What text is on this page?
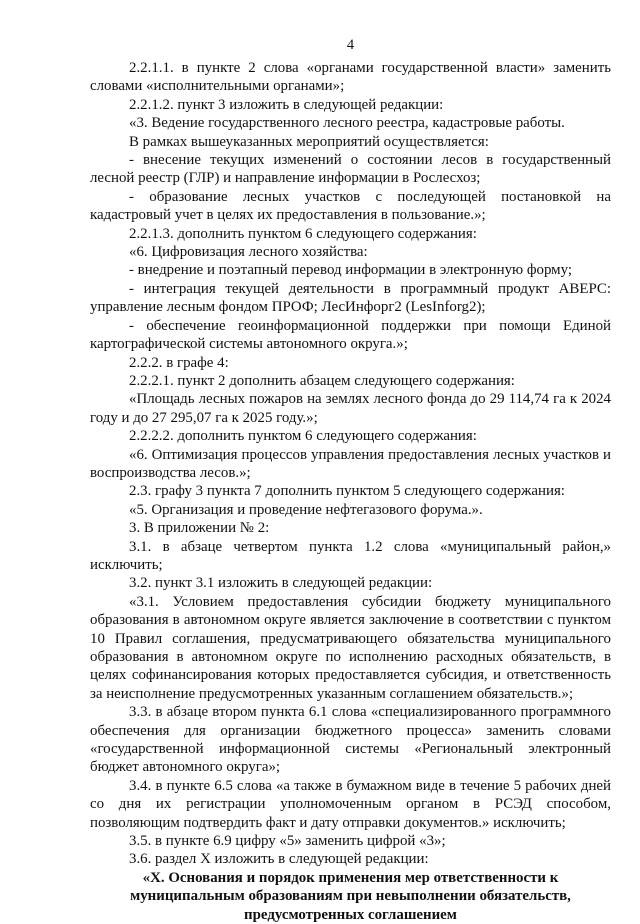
4

2.2.1.1. в пункте 2 слова «органами государственной власти» заменить словами «исполнительными органами»;

2.2.1.2. пункт 3 изложить в следующей редакции:

«3. Ведение государственного лесного реестра, кадастровые работы.

В рамках вышеуказанных мероприятий осуществляется:

- внесение текущих изменений о состоянии лесов в государственный лесной реестр (ГЛР) и направление информации в Рослесхоз;

- образование лесных участков с последующей постановкой на кадастровый учет в целях их предоставления в пользование.»;

2.2.1.3. дополнить пунктом 6 следующего содержания:

«6. Цифровизация лесного хозяйства:

- внедрение и поэтапный перевод информации в электронную форму;

- интеграция текущей деятельности в программный продукт АВЕРС: управление лесным фондом ПРОФ; ЛесИнфорг2 (LesInforg2);

- обеспечение геоинформационной поддержки при помощи Единой картографической системы автономного округа.»;

2.2.2. в графе 4:

2.2.2.1. пункт 2 дополнить абзацем следующего содержания:

«Площадь лесных пожаров на землях лесного фонда до 29 114,74 га к 2024 году и до 27 295,07 га к 2025 году.»;

2.2.2.2. дополнить пунктом 6 следующего содержания:

«6. Оптимизация процессов управления предоставления лесных участков и воспроизводства лесов.»;

2.3. графу 3 пункта 7 дополнить пунктом 5 следующего содержания:

«5. Организация и проведение нефтегазового форума.».

3. В приложении № 2:

3.1. в абзаце четвертом пункта 1.2 слова «муниципальный район,» исключить;

3.2. пункт 3.1 изложить в следующей редакции:

«3.1. Условием предоставления субсидии бюджету муниципального образования в автономном округе является заключение в соответствии с пунктом 10 Правил соглашения, предусматривающего обязательства муниципального образования в автономном округе по исполнению расходных обязательств, в целях софинансирования которых предоставляется субсидия, и ответственность за неисполнение предусмотренных указанным соглашением обязательств.»;

3.3. в абзаце втором пункта 6.1 слова «специализированного программного обеспечения для организации бюджетного процесса» заменить словами «государственной информационной системы «Региональный электронный бюджет автономного округа»;

3.4. в пункте 6.5 слова «а также в бумажном виде в течение 5 рабочих дней со дня их регистрации уполномоченным органом в РСЭД способом, позволяющим подтвердить факт и дату отправки документов.» исключить;

3.5. в пункте 6.9 цифру «5» заменить цифрой «3»;

3.6. раздел X изложить в следующей редакции:

«X. Основания и порядок применения мер ответственности к муниципальным образованиям при невыполнении обязательств, предусмотренных соглашением
